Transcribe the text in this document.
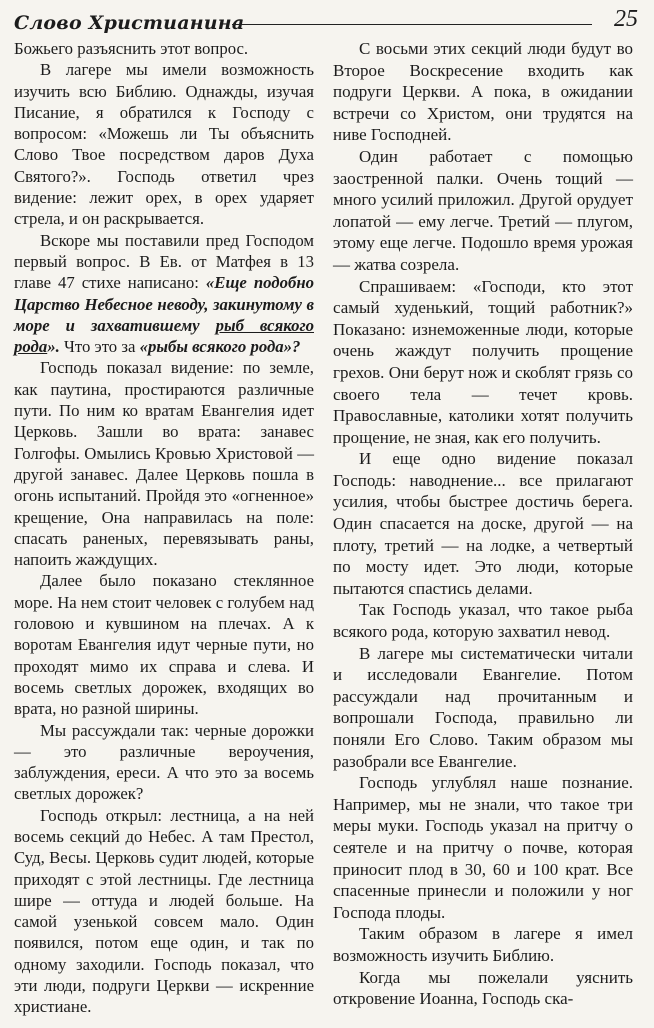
Слово Христианина	25

Божьего разъяснить этот вопрос.

В лагере мы имели возможность изучить всю Библию. Однажды, изучая Писание, я обратился к Господу с вопросом: «Можешь ли Ты объяснить Слово Твое посредством даров Духа Святого?». Господь ответил чрез видение: лежит орех, в орех ударяет стрела, и он раскрывается.

Вскоре мы поставили пред Господом первый вопрос. В Ев. от Матфея в 13 главе 47 стихе написано: «Еще подобно Царство Небесное неводу, закинутому в море и захватившему рыб всякого рода». Что это за «рыбы всякого рода»?

Господь показал видение: по земле, как паутина, простираются различные пути. По ним ко вратам Евангелия идет Церковь. Зашли во врата: занавес Голгофы. Омылись Кровью Христовой — другой занавес. Далее Церковь пошла в огонь испытаний. Пройдя это «огненное» крещение, Она направилась на поле: спасать раненых, перевязывать раны, напоить жаждущих.

Далее было показано стеклянное море. На нем стоит человек с голубем над головою и кувшином на плечах. А к воротам Евангелия идут черные пути, но проходят мимо их справа и слева. И восемь светлых дорожек, входящих во врата, но разной ширины.

Мы рассуждали так: черные дорожки — это различные вероучения, заблуждения, ереси. А что это за восемь светлых дорожек?

Господь открыл: лестница, а на ней восемь секций до Небес. А там Престол, Суд, Весы. Церковь судит людей, которые приходят с этой лестницы. Где лестница шире — оттуда и людей больше. На самой узенькой совсем мало. Один появился, потом еще один, и так по одному заходили. Господь показал, что эти люди, подруги Церкви — искренние христиане.

С восьми этих секций люди будут во Второе Воскресение входить как подруги Церкви. А пока, в ожидании встречи со Христом, они трудятся на ниве Господней.

Один работает с помощью заостренной палки. Очень тощий — много усилий приложил. Другой орудует лопатой — ему легче. Третий — плугом, этому еще легче. Подошло время урожая — жатва созрела.

Спрашиваем: «Господи, кто этот самый худенький, тощий работник?» Показано: изнеможенные люди, которые очень жаждут получить прощение грехов. Они берут нож и скоблят грязь со своего тела — течет кровь. Православные, католики хотят получить прощение, не зная, как его получить.

И еще одно видение показал Господь: наводнение... все прилагают усилия, чтобы быстрее достичь берега. Один спасается на доске, другой — на плоту, третий — на лодке, а четвертый по мосту идет. Это люди, которые пытаются спастись делами.

Так Господь указал, что такое рыба всякого рода, которую захватил невод.

В лагере мы систематически читали и исследовали Евангелие. Потом рассуждали над прочитанным и вопрошали Господа, правильно ли поняли Его Слово. Таким образом мы разобрали все Евангелие.

Господь углублял наше познание. Например, мы не знали, что такое три меры муки. Господь указал на притчу о сеятеле и на притчу о почве, которая приносит плод в 30, 60 и 100 крат. Все спасенные принесли и положили у ног Господа плоды.

Таким образом в лагере я имел возможность изучить Библию.

Когда мы пожелали уяснить откровение Иоанна, Господь ска-
